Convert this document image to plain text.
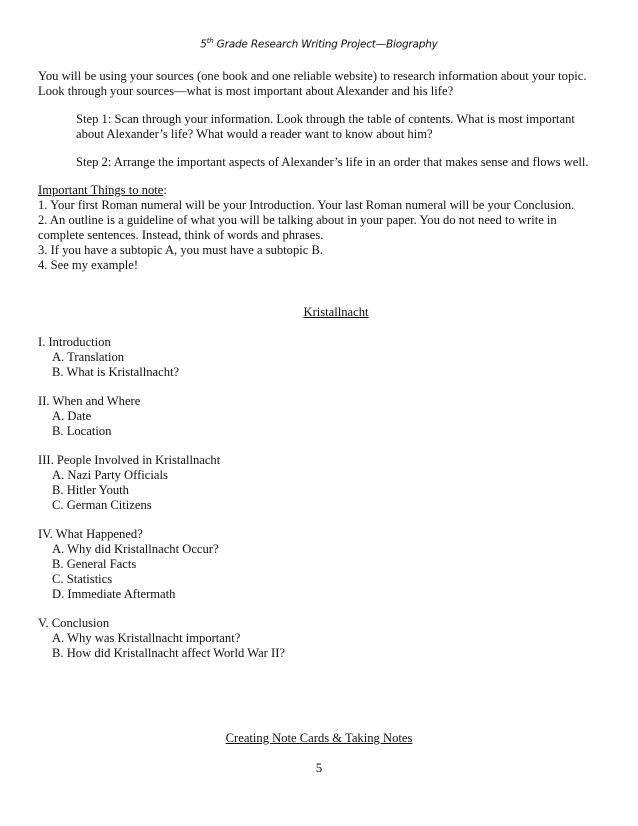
5th Grade Research Writing Project—Biography

You will be using your sources (one book and one reliable website) to research information about your topic. Look through your sources—what is most important about Alexander and his life?

Step 1: Scan through your information. Look through the table of contents. What is most important about Alexander’s life? What would a reader want to know about him?

Step 2: Arrange the important aspects of Alexander’s life in an order that makes sense and flows well.

Important Things to note:
1. Your first Roman numeral will be your Introduction. Your last Roman numeral will be your Conclusion.
2. An outline is a guideline of what you will be talking about in your paper. You do not need to write in complete sentences. Instead, think of words and phrases.
3. If you have a subtopic A, you must have a subtopic B.
4. See my example!
Kristallnacht
I. Introduction
A. Translation
B. What is Kristallnacht?
II. When and Where
A. Date
B. Location
III. People Involved in Kristallnacht
A. Nazi Party Officials
B. Hitler Youth
C. German Citizens
IV. What Happened?
A. Why did Kristallnacht Occur?
B. General Facts
C. Statistics
D. Immediate Aftermath
V. Conclusion
A. Why was Kristallnacht important?
B. How did Kristallnacht affect World War II?
Creating Note Cards & Taking Notes
5
